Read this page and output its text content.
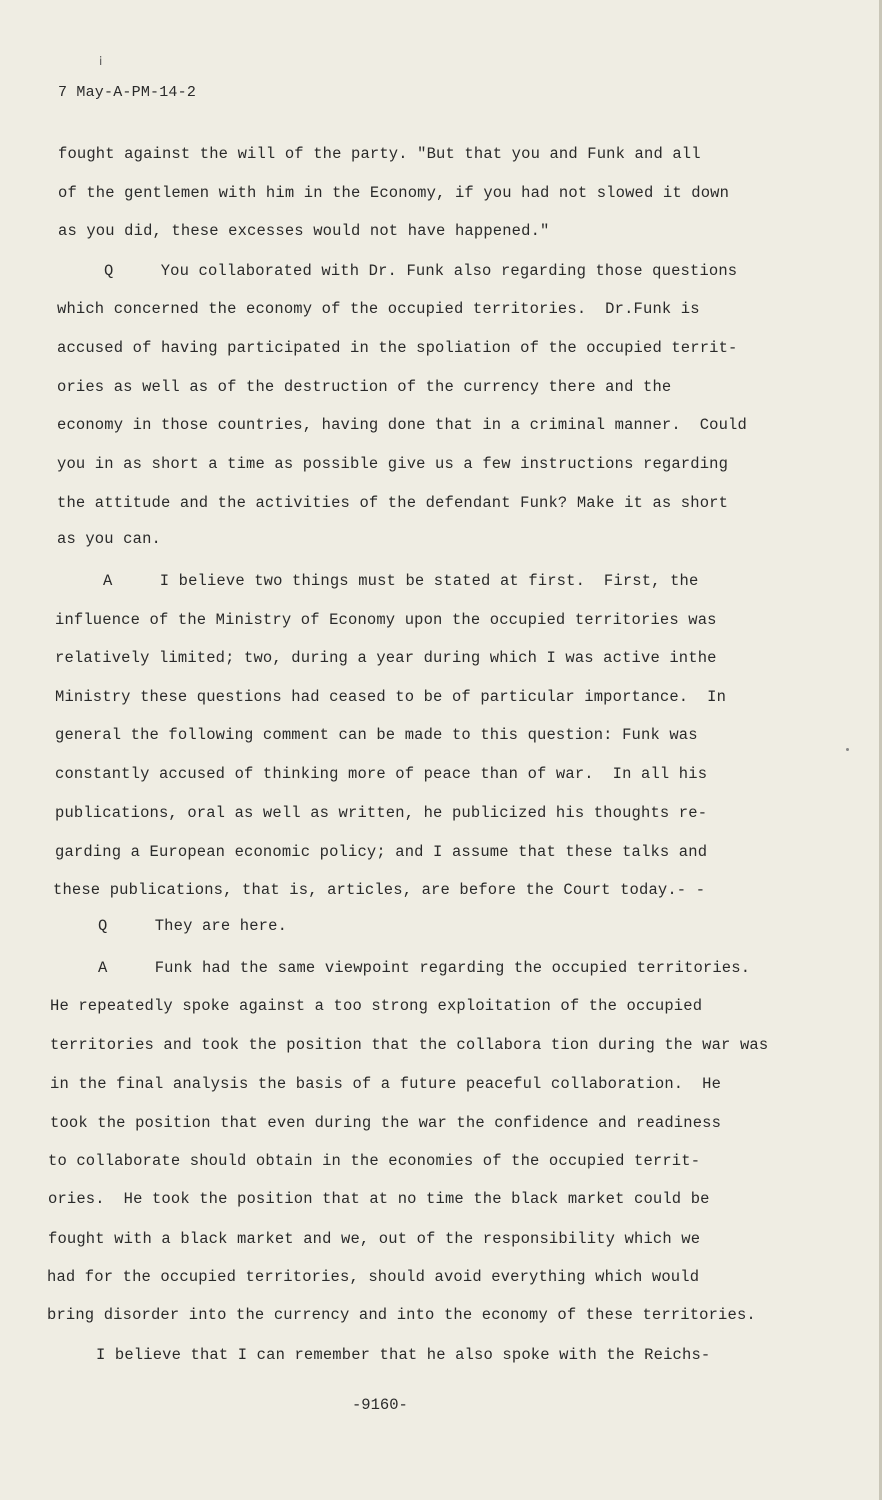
ⅰ
7 May-A-PM-14-2
fought against the will of the party. "But that you and Funk and all
of the gentlemen with him in the Economy, if you had not slowed it down
as you did, these excesses would not have happened."
Q     You collaborated with Dr. Funk also regarding those questions
which concerned the economy of the occupied territories.  Dr.Funk is
accused of having participated in the spoliation of the occupied territ-
ories as well as of the destruction of the currency there and the
economy in those countries, having done that in a criminal manner.  Could
you in as short a time as possible give us a few instructions regarding
the attitude and the activities of the defendant Funk? Make it as short
as you can.
A     I believe two things must be stated at first.  First, the
influence of the Ministry of Economy upon the occupied territories was
relatively limited; two, during a year during which I was active inthe
Ministry these questions had ceased to be of particular importance.  In
general the following comment can be made to this question: Funk was
constantly accused of thinking more of peace than of war.  In all his
publications, oral as well as written, he publicized his thoughts re-
garding a European economic policy; and I assume that these talks and
these publications, that is, articles, are before the Court today.- -
Q     They are here.
A     Funk had the same viewpoint regarding the occupied territories.
He repeatedly spoke against a too strong exploitation of the occupied
territories and took the position that the collabora tion during the war was
in the final analysis the basis of a future peaceful collaboration.  He
took the position that even during the war the confidence and readiness
to collaborate should obtain in the economies of the occupied territ-
ories.  He took the position that at no time the black market could be
fought with a black market and we, out of the responsibility which we
had for the occupied territories, should avoid everything which would
bring disorder into the currency and into the economy of these territories.
I believe that I can remember that he also spoke with the Reichs-
-9160-
